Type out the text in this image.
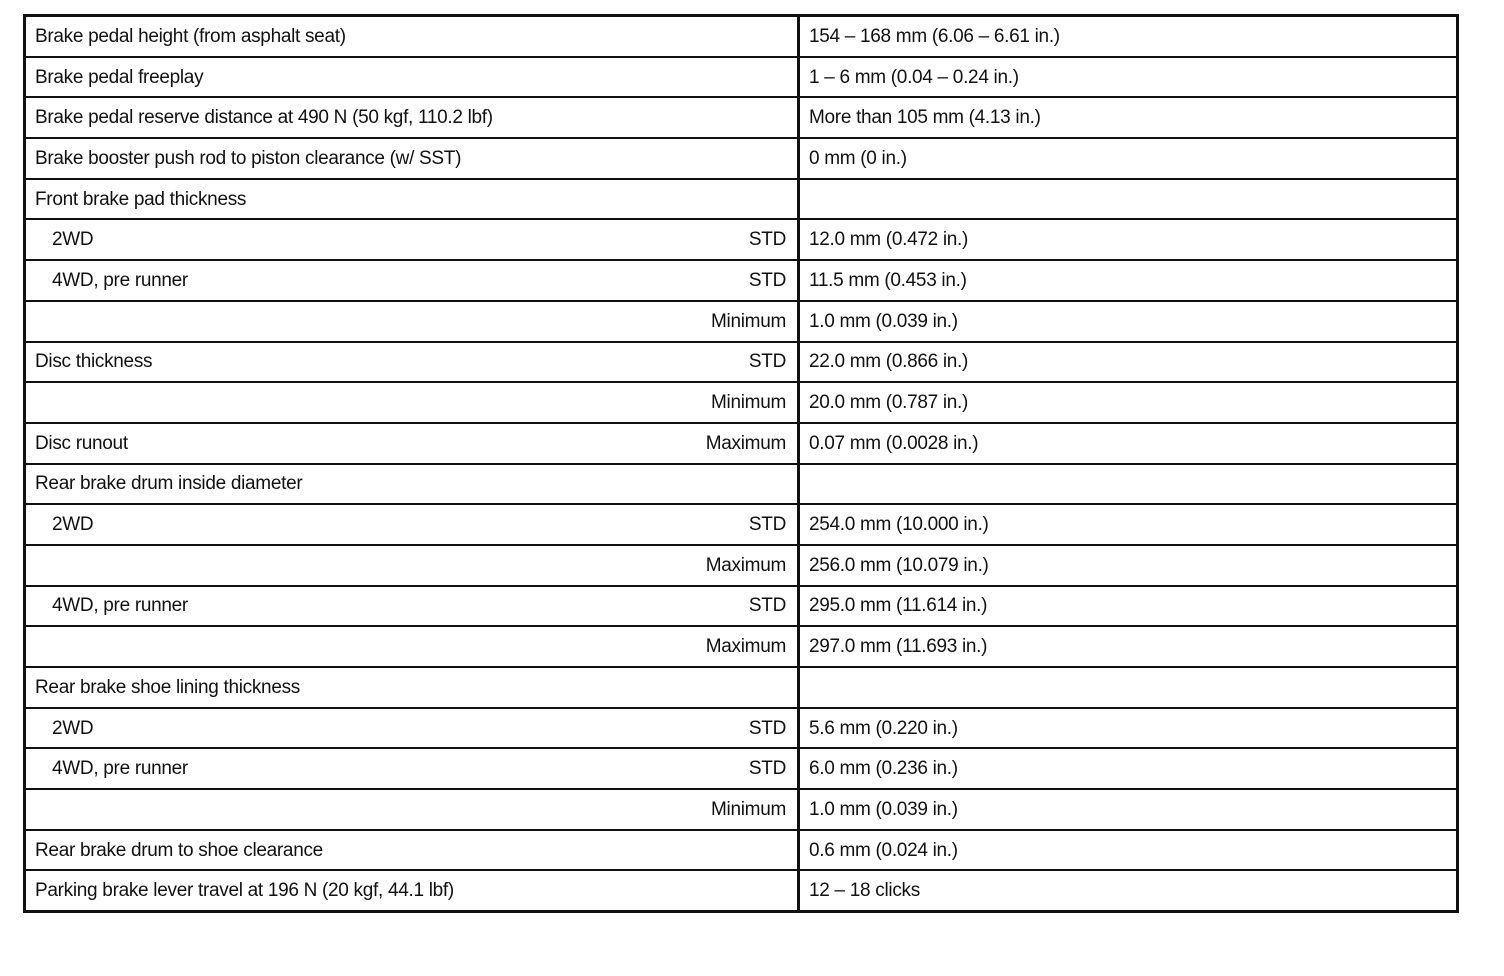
Brake pedal height (from asphalt seat)	154 – 168 mm (6.06 – 6.61 in.)

Brake pedal freeplay	1 – 6 mm (0.04 – 0.24 in.)

Brake pedal reserve distance at 490 N (50 kgf, 110.2 lbf)	More than 105 mm (4.13 in.)

Brake booster push rod to piston clearance (w/ SST)	0 mm (0 in.)

Front brake pad thickness	

2WD STD	12.0 mm (0.472 in.)

4WD, pre runner STD	11.5 mm (0.453 in.)

Minimum	1.0 mm (0.039 in.)

Disc thickness STD	22.0 mm (0.866 in.)

Minimum	20.0 mm (0.787 in.)

Disc runout Maximum	0.07 mm (0.0028 in.)

Rear brake drum inside diameter	

2WD STD	254.0 mm (10.000 in.)

Maximum	256.0 mm (10.079 in.)

4WD, pre runner STD	295.0 mm (11.614 in.)

Maximum	297.0 mm (11.693 in.)

Rear brake shoe lining thickness	

2WD STD	5.6 mm (0.220 in.)

4WD, pre runner STD	6.0 mm (0.236 in.)

Minimum	1.0 mm (0.039 in.)

Rear brake drum to shoe clearance	0.6 mm (0.024 in.)

Parking brake lever travel at 196 N (20 kgf, 44.1 lbf)	12 – 18 clicks
